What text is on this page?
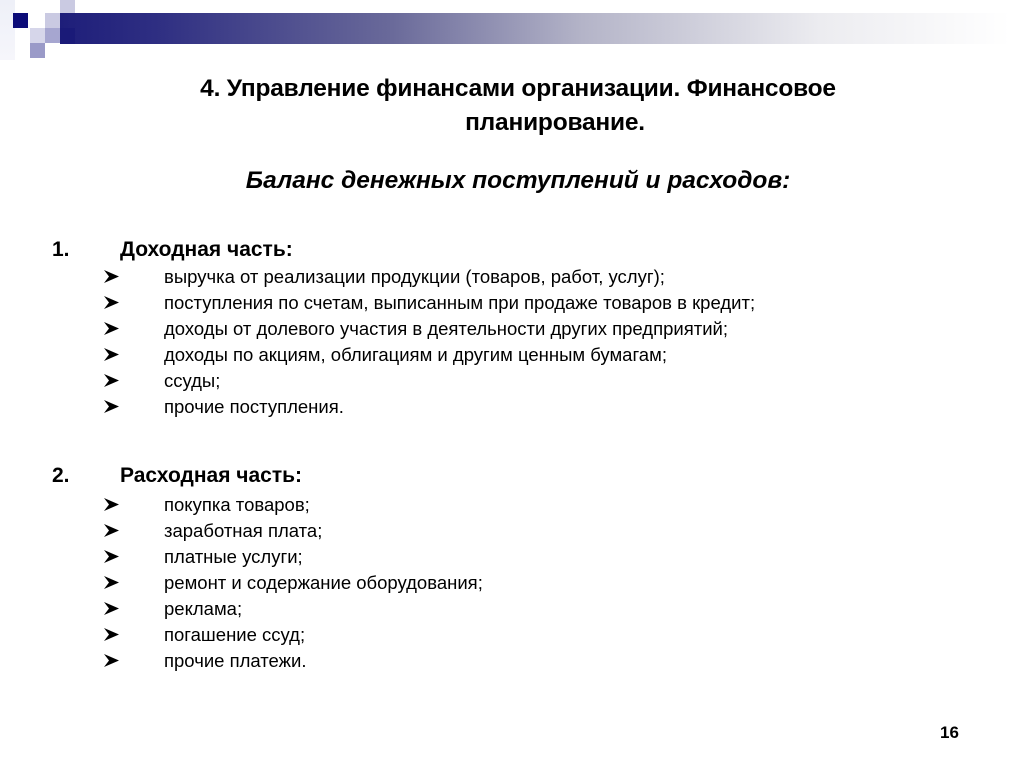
4. Управление финансами организации. Финансовое
планирование.
Баланс денежных поступлений и расходов:
1. Доходная часть:
выручка от реализации продукции (товаров, работ, услуг);
поступления по счетам, выписанным при продаже товаров в кредит;
доходы от долевого участия в деятельности других предприятий;
доходы по акциям, облигациям и другим ценным бумагам;
ссуды;
прочие поступления.
2. Расходная часть:
покупка товаров;
заработная плата;
платные услуги;
ремонт и содержание оборудования;
реклама;
погашение ссуд;
прочие платежи.
16
